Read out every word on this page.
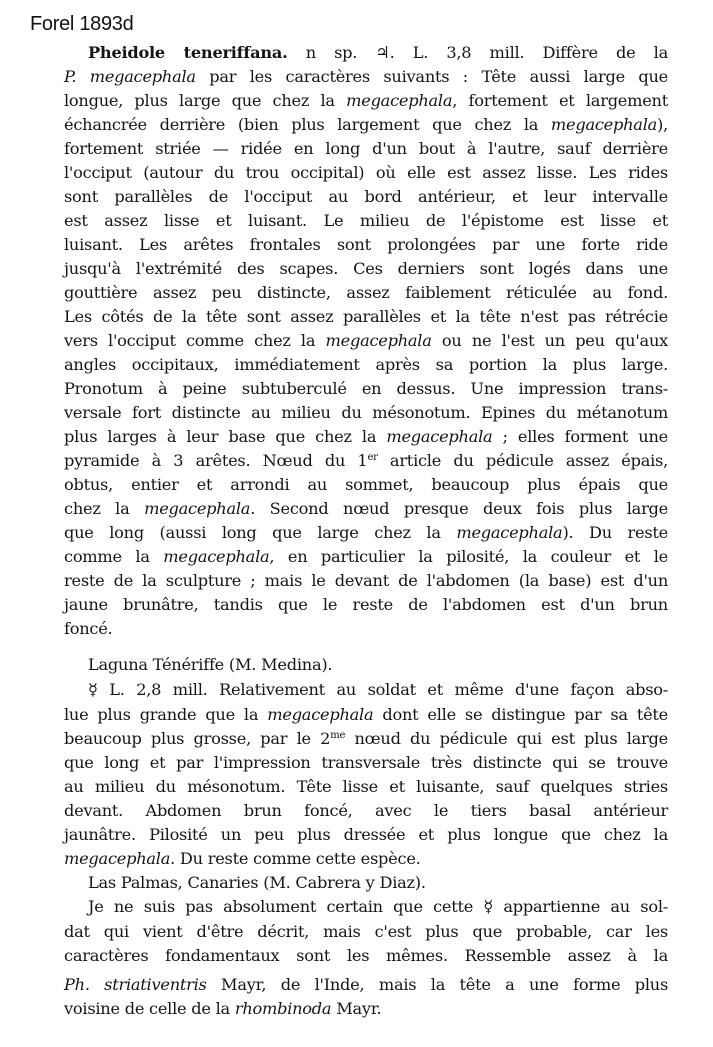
Forel 1893d
Pheidole teneriffana. n sp. ♃. L. 3,8 mill. Diffère de la
P. megacephala par les caractères suivants : Tête aussi large que
longue, plus large que chez la megacephala, fortement et largement
échancrée derrière (bien plus largement que chez la megacephala),
fortement striée — ridée en long d'un bout à l'autre, sauf derrière
l'occiput (autour du trou occipital) où elle est assez lisse. Les rides
sont parallèles de l'occiput au bord antérieur, et leur intervalle
est assez lisse et luisant. Le milieu de l'épistome est lisse et
luisant. Les arêtes frontales sont prolongées par une forte ride
jusqu'à l'extrémité des scapes. Ces derniers sont logés dans une
gouttière assez peu distincte, assez faiblement réticulée au fond.
Les côtés de la tête sont assez parallèles et la tête n'est pas rétrécie
vers l'occiput comme chez la megacephala ou ne l'est un peu qu'aux
angles occipitaux, immédiatement après sa portion la plus large.
Pronotum à peine subtuberculé en dessus. Une impression trans-
versale fort distincte au milieu du mésonotum. Epines du métanotum
plus larges à leur base que chez la megacephala ; elles forment une
pyramide à 3 arêtes. Nœud du 1er article du pédicule assez épais,
obtus, entier et arrondi au sommet, beaucoup plus épais que
chez la megacephala. Second nœud presque deux fois plus large
que long (aussi long que large chez la megacephala). Du reste
comme la megacephala, en particulier la pilosité, la couleur et le
reste de la sculpture ; mais le devant de l'abdomen (la base) est d'un
jaune brunâtre, tandis que le reste de l'abdomen est d'un brun
foncé.
Laguna Ténériffe (M. Medina).
☿ L. 2,8 mill. Relativement au soldat et même d'une façon abso-
lue plus grande que la megacephala dont elle se distingue par sa tête
beaucoup plus grosse, par le $2^{me}$ nœud du pédicule qui est plus large
que long et par l'impression transversale très distincte qui se trouve
au milieu du mésonotum. Tête lisse et luisante, sauf quelques stries
devant. Abdomen brun foncé, avec le tiers basal antérieur
jaunâtre. Pilosité un peu plus dressée et plus longue que chez la
megacephala. Du reste comme cette espèce.
Las Palmas, Canaries (M. Cabrera y Diaz).
Je ne suis pas absolument certain que cette ☿ appartienne au sol-
dat qui vient d'être décrit, mais c'est plus que probable, car les
caractères fondamentaux sont les mêmes. Ressemble assez à la
Ph. striativentris Mayr, de l'Inde, mais la tête a une forme plus
voisine de celle de la rhombinoda Mayr.
